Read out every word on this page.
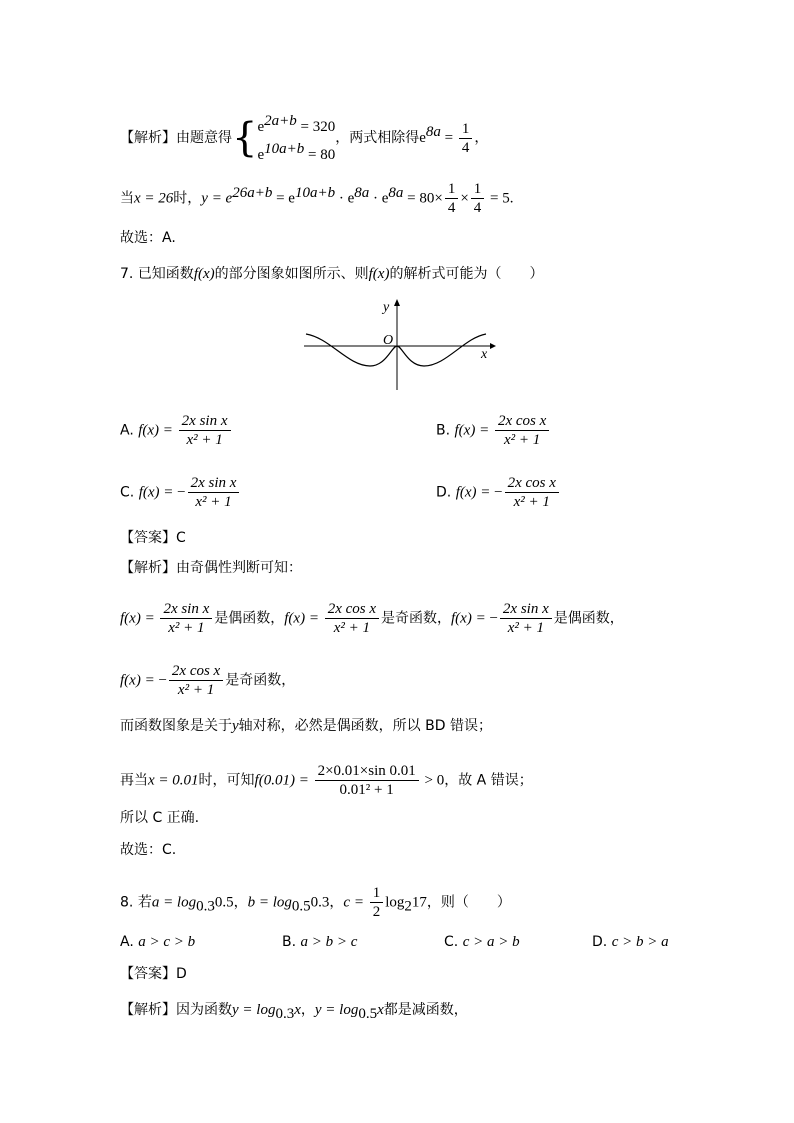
【解析】由题意得{ $e^{2a+b} = 320$
$e^{10a+b} = 80$
，两式相除得$e^{8a} = \frac{1}{4}$ ，
当x = 26时，$y = e^{26a+b} = e^{10a+b} \cdot e^{8a} \cdot e^{8a} = 80\times \frac{1}{4} \times \frac{1}{4} = 5$.
故选：A.
7. 已知函数f(x)的部分图象如图所示、则f(x)的解析式可能为（　　）
y
O
x
A. $f(x) = \frac{\text{2x sin x}}{\text{x² + 1}}$	B. $f(x) = \frac{\text{2x cos x}}{\text{x² + 1}}$
C. f(x) = − $\frac{\text{2x sin x}}{\text{x² + 1}}$	D. f(x) = − $\frac{\text{2x cos x}}{\text{x² + 1}}$
【答案】C
【解析】由奇偶性判断可知：
$f(x) = \frac{\text{2x sin x}}{\text{x² + 1}}$ 是偶函数，$f(x) = \frac{\text{2x cos x}}{\text{x² + 1}}$ 是奇函数，f(x) = − $\frac{\text{2x sin x}}{\text{x² + 1}}$ 是偶函数，
f(x) = − $\frac{\text{2x cos x}}{\text{x² + 1}}$ 是奇函数，
而函数图象是关于y轴对称，必然是偶函数，所以 BD 错误；
再当x = 0.01时，可知$f(0.01) = \frac{2\times 0.01\times\sin 0.01}{\text{0.01² + 1}} > 0$，故 A 错误；
所以 C 正确.
故选：C.
8. 若$a = \log_{0.3}0.5$，$b = \log_{0.5}0.3$，$c = \frac{1}{2} \log_217$，则（　　）
A. a > c > b	B. a > b > c	C. c > a > b	D. c > b > a
【答案】D
【解析】因为函数$y = \log_{0.3}x$，$y = \log_{0.5}x$都是减函数，
